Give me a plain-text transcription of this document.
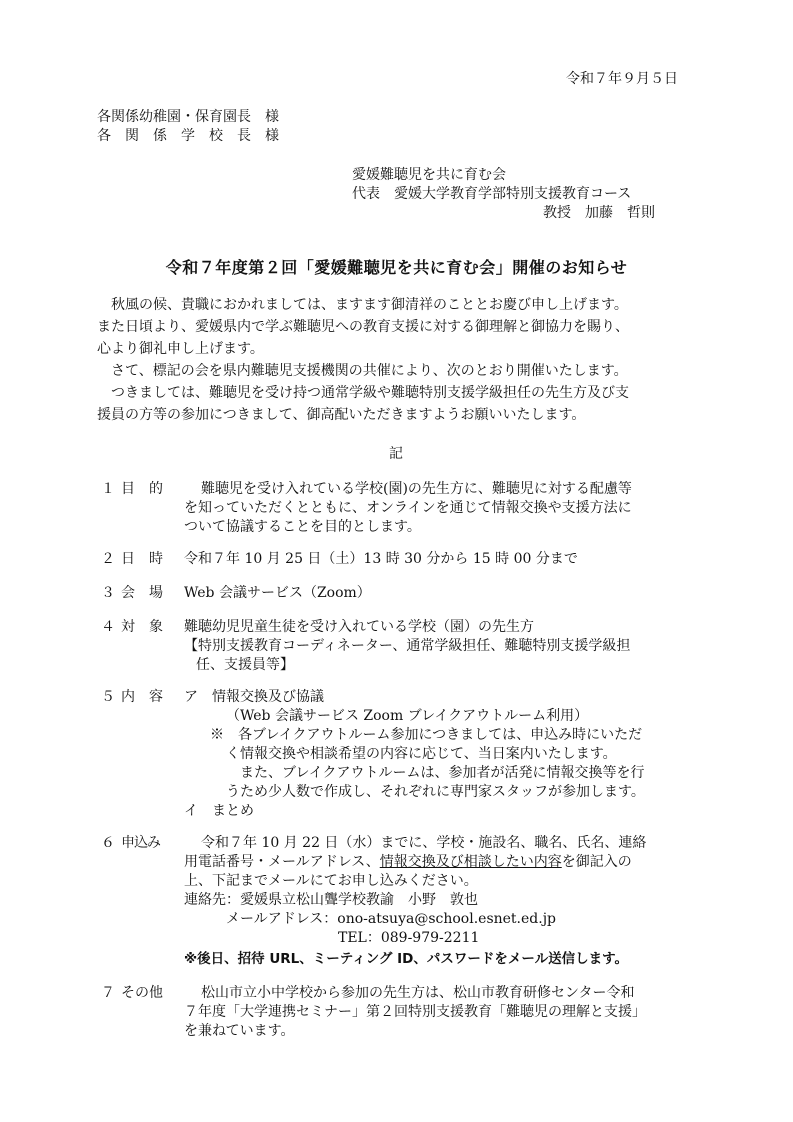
令和７年９月５日
各関係幼稚園・保育園長　様
各　関　係　学　校　長　様
愛媛難聴児を共に育む会
代表　愛媛大学教育学部特別支援教育コース
教授　加藤　哲則
令和７年度第２回「愛媛難聴児を共に育む会」開催のお知らせ
秋風の候、貴職におかれましては、ますます御清祥のこととお慶び申し上げます。
また日頃より、愛媛県内で学ぶ難聴児への教育支援に対する御理解と御協力を賜り、
心より御礼申し上げます。
さて、標記の会を県内難聴児支援機関の共催により、次のとおり開催いたします。
つきましては、難聴児を受け持つ通常学級や難聴特別支援学級担任の先生方及び支
援員の方等の参加につきまして、御高配いただきますようお願いいたします。
記
１ 目　的	難聴児を受け入れている学校(園)の先生方に、難聴児に対する配慮等
を知っていただくとともに、オンラインを通じて情報交換や支援方法に
ついて協議することを目的とします。
２ 日　時 令和７年 10 月 25 日（土）13 時 30 分から 15 時 00 分まで
３ 会　場 Web 会議サービス（Zoom）
４ 対　象 難聴幼児児童生徒を受け入れている学校（園）の先生方
【特別支援教育コーディネーター、通常学級担任、難聴特別支援学級担
任、支援員等】
５ 内　容 ア　情報交換及び協議
（Web 会議サービス Zoom ブレイクアウトルーム利用）
※　各ブレイクアウトルーム参加につきましては、申込み時にいただ
く情報交換や相談希望の内容に応じて、当日案内いたします。
また、ブレイクアウトルームは、参加者が活発に情報交換等を行
うため少人数で作成し、それぞれに専門家スタッフが参加します。
イ　まとめ
６ 申込み	令和７年 10 月 22 日（水）までに、学校・施設名、職名、氏名、連絡
用電話番号・メールアドレス、情報交換及び相談したい内容を御記入の
上、下記までメールにてお申し込みください。
連絡先：愛媛県立松山聾学校教諭　小野　敦也
メールアドレス：ono-atsuya@school.esnet.ed.jp
TEL：089-979-2211
※後日、招待 URL、ミーティング ID、パスワードをメール送信します。
７ その他	松山市立小中学校から参加の先生方は、松山市教育研修センター令和
７年度「大学連携セミナー」第２回特別支援教育「難聴児の理解と支援」
を兼ねています。
